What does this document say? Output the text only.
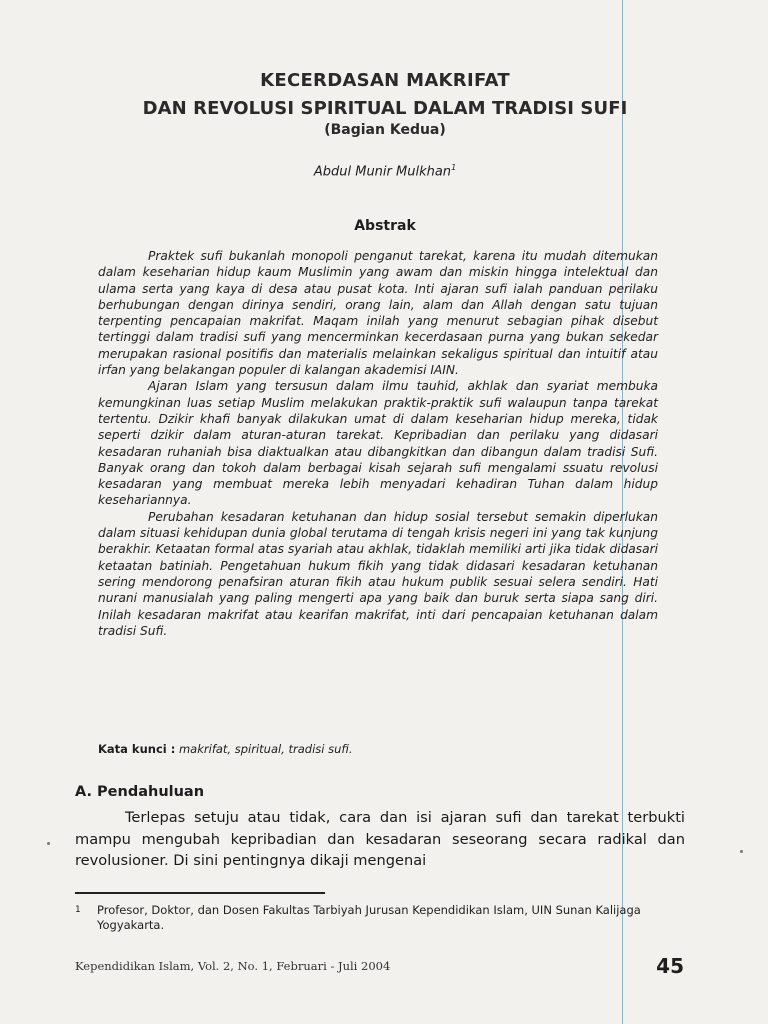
KECERDASAN MAKRIFAT
DAN REVOLUSI SPIRITUAL DALAM TRADISI SUFI
(Bagian Kedua)
Abdul Munir Mulkhan$^1$
Abstrak

Praktek sufi bukanlah monopoli penganut tarekat, karena itu mudah ditemukan dalam keseharian hidup kaum Muslimin yang awam dan miskin hingga intelektual dan ulama serta yang kaya di desa atau pusat kota. Inti ajaran sufi ialah panduan perilaku berhubungan dengan dirinya sendiri, orang lain, alam dan Allah dengan satu tujuan terpenting pencapaian makrifat. Maqam inilah yang menurut sebagian pihak disebut tertinggi dalam tradisi sufi yang mencerminkan kecerdasaan purna yang bukan sekedar merupakan rasional positifis dan materialis melainkan sekaligus spiritual dan intuitif atau irfan yang belakangan populer di kalangan akademisi IAIN.

Ajaran Islam yang tersusun dalam ilmu tauhid, akhlak dan syariat membuka kemungkinan luas setiap Muslim melakukan praktik-praktik sufi walaupun tanpa tarekat tertentu. Dzikir khafi banyak dilakukan umat di dalam keseharian hidup mereka, tidak seperti dzikir dalam aturan-aturan tarekat. Kepribadian dan perilaku yang didasari kesadaran ruhaniah bisa diaktualkan atau dibangkitkan dan dibangun dalam tradisi Sufi. Banyak orang dan tokoh dalam berbagai kisah sejarah sufi mengalami ssuatu revolusi kesadaran yang membuat mereka lebih menyadari kehadiran Tuhan dalam hidup kesehariannya.

Perubahan kesadaran ketuhanan dan hidup sosial tersebut semakin diperlukan dalam situasi kehidupan dunia global terutama di tengah krisis negeri ini yang tak kunjung berakhir. Ketaatan formal atas syariah atau akhlak, tidaklah memiliki arti jika tidak didasari ketaatan batiniah. Pengetahuan hukum fikih yang tidak didasari kesadaran ketuhanan sering mendorong penafsiran aturan fikih atau hukum publik sesuai selera sendiri. Hati nurani manusialah yang paling mengerti apa yang baik dan buruk serta siapa sang diri. Inilah kesadaran makrifat atau kearifan makrifat, inti dari pencapaian ketuhanan dalam tradisi Sufi.

Kata kunci : makrifat, spiritual, tradisi sufi.
A. Pendahuluan

Terlepas setuju atau tidak, cara dan isi ajaran sufi dan tarekat terbukti mampu mengubah kepribadian dan kesadaran seseorang secara radikal dan revolusioner. Di sini pentingnya dikaji mengenai

1 Profesor, Doktor, dan Dosen Fakultas Tarbiyah Jurusan Kependidikan Islam, UIN Sunan Kalijaga Yogyakarta.
Kependidikan Islam, Vol. 2, No. 1, Februari - Juli 2004	45
